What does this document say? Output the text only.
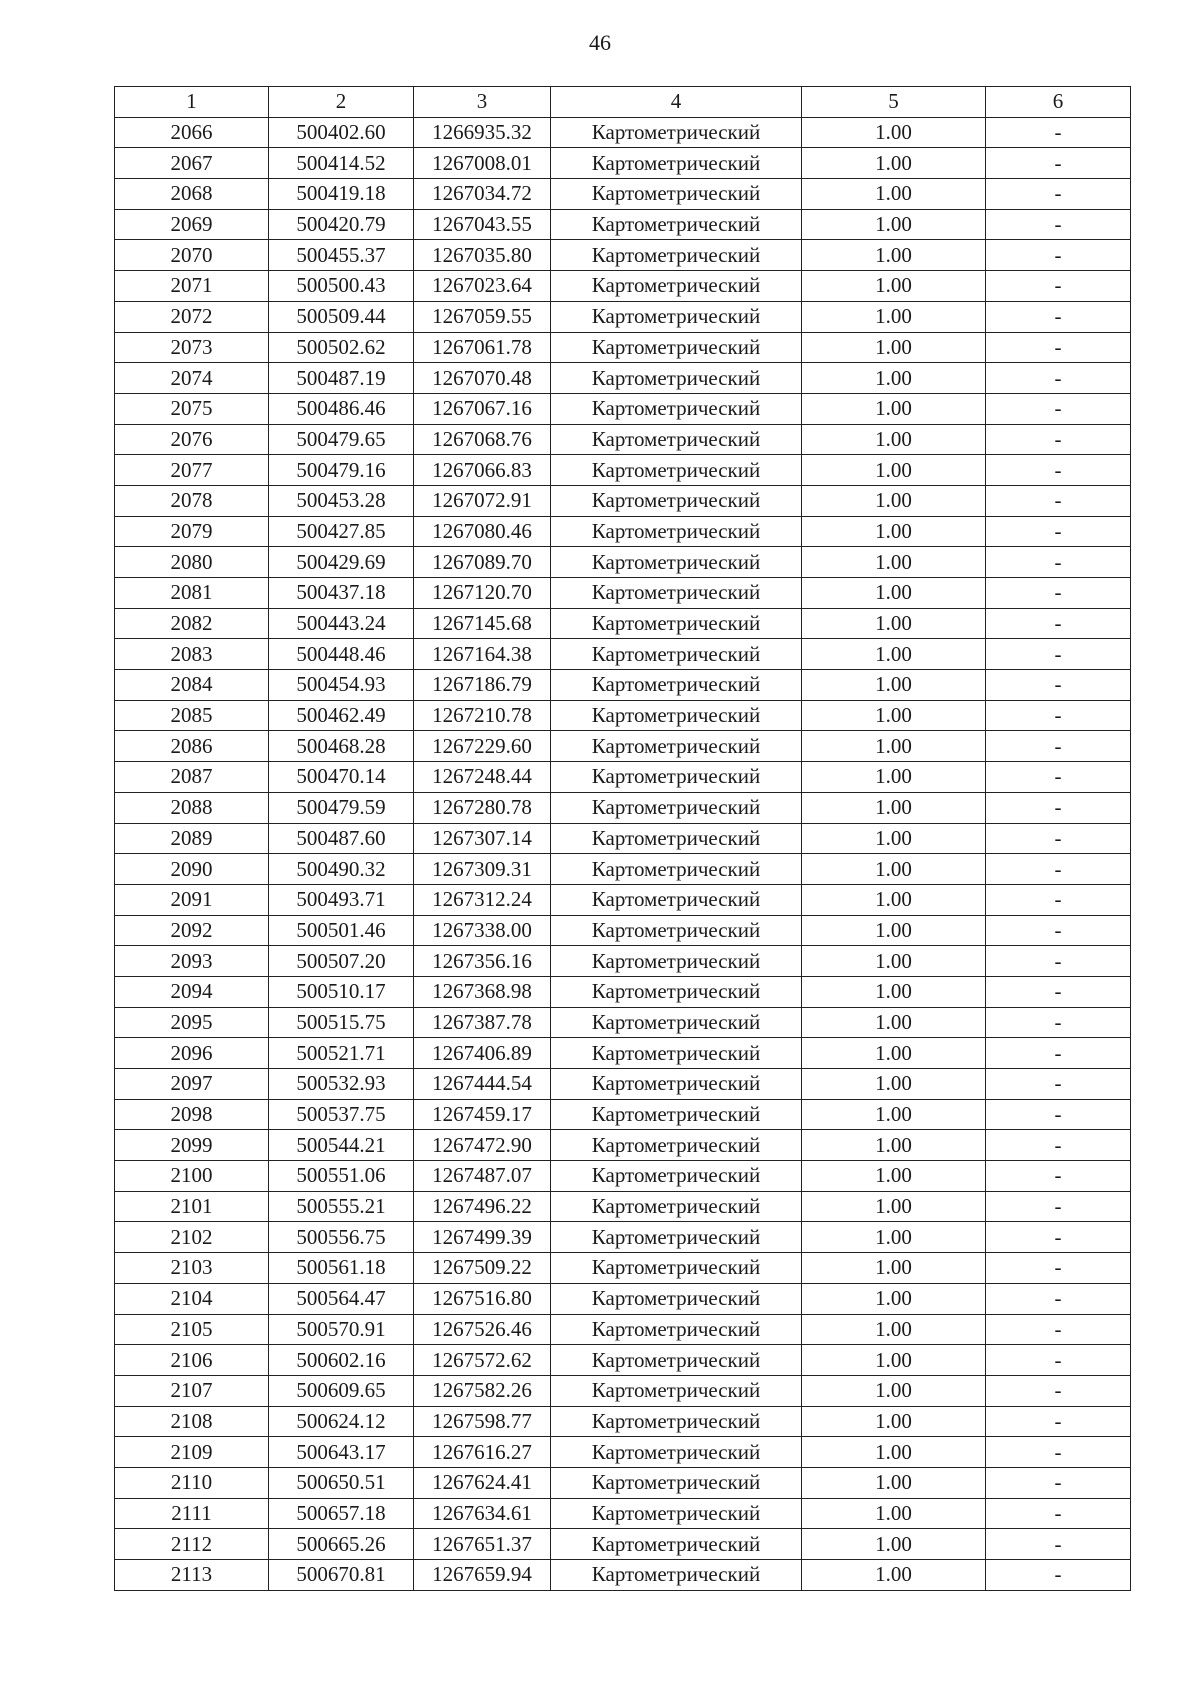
46
1	2	3	4	5	6
2066	500402.60	1266935.32	Картометрический	1.00	-
2067	500414.52	1267008.01	Картометрический	1.00	-
2068	500419.18	1267034.72	Картометрический	1.00	-
2069	500420.79	1267043.55	Картометрический	1.00	-
2070	500455.37	1267035.80	Картометрический	1.00	-
2071	500500.43	1267023.64	Картометрический	1.00	-
2072	500509.44	1267059.55	Картометрический	1.00	-
2073	500502.62	1267061.78	Картометрический	1.00	-
2074	500487.19	1267070.48	Картометрический	1.00	-
2075	500486.46	1267067.16	Картометрический	1.00	-
2076	500479.65	1267068.76	Картометрический	1.00	-
2077	500479.16	1267066.83	Картометрический	1.00	-
2078	500453.28	1267072.91	Картометрический	1.00	-
2079	500427.85	1267080.46	Картометрический	1.00	-
2080	500429.69	1267089.70	Картометрический	1.00	-
2081	500437.18	1267120.70	Картометрический	1.00	-
2082	500443.24	1267145.68	Картометрический	1.00	-
2083	500448.46	1267164.38	Картометрический	1.00	-
2084	500454.93	1267186.79	Картометрический	1.00	-
2085	500462.49	1267210.78	Картометрический	1.00	-
2086	500468.28	1267229.60	Картометрический	1.00	-
2087	500470.14	1267248.44	Картометрический	1.00	-
2088	500479.59	1267280.78	Картометрический	1.00	-
2089	500487.60	1267307.14	Картометрический	1.00	-
2090	500490.32	1267309.31	Картометрический	1.00	-
2091	500493.71	1267312.24	Картометрический	1.00	-
2092	500501.46	1267338.00	Картометрический	1.00	-
2093	500507.20	1267356.16	Картометрический	1.00	-
2094	500510.17	1267368.98	Картометрический	1.00	-
2095	500515.75	1267387.78	Картометрический	1.00	-
2096	500521.71	1267406.89	Картометрический	1.00	-
2097	500532.93	1267444.54	Картометрический	1.00	-
2098	500537.75	1267459.17	Картометрический	1.00	-
2099	500544.21	1267472.90	Картометрический	1.00	-
2100	500551.06	1267487.07	Картометрический	1.00	-
2101	500555.21	1267496.22	Картометрический	1.00	-
2102	500556.75	1267499.39	Картометрический	1.00	-
2103	500561.18	1267509.22	Картометрический	1.00	-
2104	500564.47	1267516.80	Картометрический	1.00	-
2105	500570.91	1267526.46	Картометрический	1.00	-
2106	500602.16	1267572.62	Картометрический	1.00	-
2107	500609.65	1267582.26	Картометрический	1.00	-
2108	500624.12	1267598.77	Картометрический	1.00	-
2109	500643.17	1267616.27	Картометрический	1.00	-
2110	500650.51	1267624.41	Картометрический	1.00	-
2111	500657.18	1267634.61	Картометрический	1.00	-
2112	500665.26	1267651.37	Картометрический	1.00	-
2113	500670.81	1267659.94	Картометрический	1.00	-
